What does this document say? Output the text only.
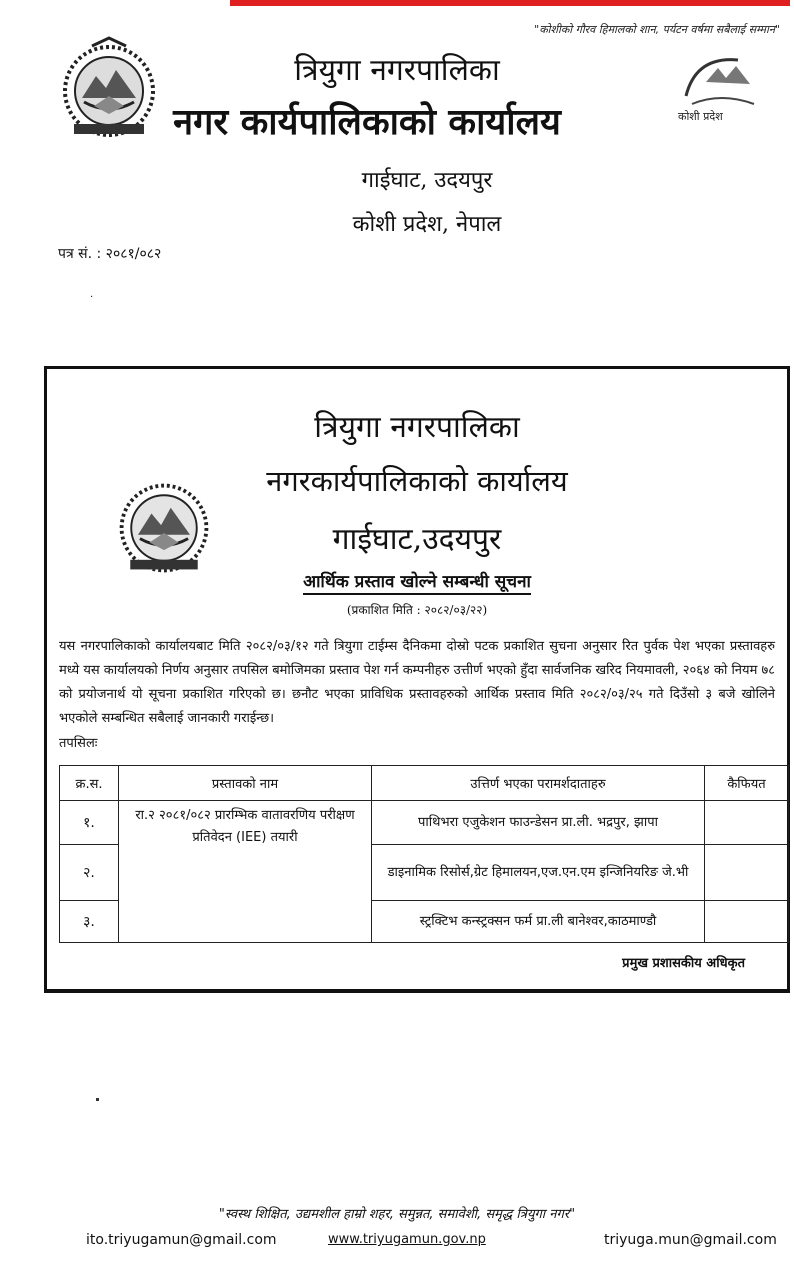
"कोशीको गौरव हिमालको शान, पर्यटन वर्षमा सबैलाई सम्मान"
कोशी प्रदेश
त्रियुगा नगरपालिका
नगर कार्यपालिकाको कार्यालय
गाईघाट, उदयपुर
कोशी प्रदेश, नेपाल
पत्र सं. : २०८१/०८२
·
त्रियुगा नगरपालिका
नगरकार्यपालिकाको कार्यालय
गाईघाट,उदयपुर
आर्थिक प्रस्ताव खोल्ने सम्बन्धी सूचना
(प्रकाशित मिति : २०८२/०३/२२)
यस नगरपालिकाको कार्यालयबाट मिति २०८२/०३/१२ गते त्रियुगा टाईम्स दैनिकमा दोस्रो पटक प्रकाशित सुचना अनुसार रित पुर्वक पेश भएका प्रस्तावहरु मध्ये यस कार्यालयको निर्णय अनुसार तपसिल बमोजिमका प्रस्ताव पेश गर्न कम्पनीहरु उत्तीर्ण भएको हुँदा सार्वजनिक खरिद नियमावली, २०६४ को नियम ७८ को प्रयोजनार्थ यो सूचना प्रकाशित गरिएको छ। छनौट भएका प्राविधिक प्रस्तावहरुको आर्थिक प्रस्ताव मिति २०८२/०३/२५ गते दिउँसो ३ बजे खोलिने भएकोले सम्बन्धित सबैलाई जानकारी गराईन्छ।
तपसिलः
क्र.स.	प्रस्तावको नाम	उत्तिर्ण भएका परामर्शदाताहरु	कैफियत
१.	रा.२ २०८१/०८२ प्रारम्भिक वातावरणिय परीक्षण प्रतिवेदन (IEE) तयारी	पाथिभरा एजुकेशन फाउन्डेसन प्रा.ली. भद्रपुर, झापा	
२.		डाइनामिक रिसोर्स,ग्रेट हिमालयन,एज.एन.एम इन्जिनियरिङ जे.भी	
३.		स्ट्रक्टिभ कन्स्ट्रक्सन फर्म प्रा.ली बानेश्वर,काठमाण्डौ	
प्रमुख प्रशासकीय अधिकृत
"स्वस्थ शिक्षित, उद्यमशील हाम्रो शहर, समुन्नत, समावेशी, समृद्ध त्रियुगा नगर"
ito.triyugamun@gmail.com	www.triyugamun.gov.np	triyuga.mun@gmail.com
